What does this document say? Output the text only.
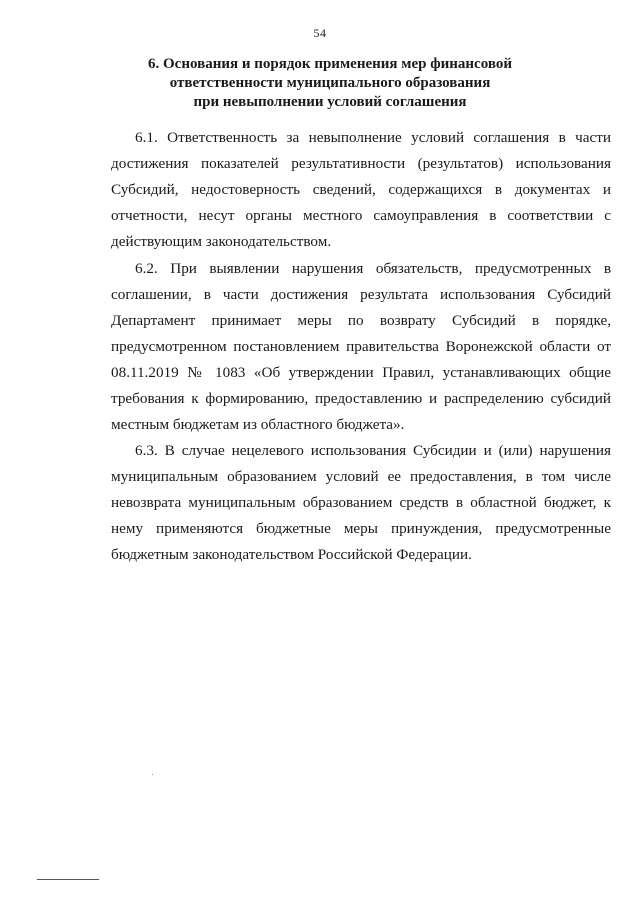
54
6. Основания и порядок применения мер финансовой
ответственности муниципального образования
при невыполнении условий соглашения
6.1. Ответственность за невыполнение условий соглашения в части
достижения показателей результативности (результатов) использования
Субсидий, недостоверность сведений, содержащихся в документах и
отчетности, несут органы местного самоуправления в соответствии с
действующим законодательством.
6.2. При выявлении нарушения обязательств, предусмотренных в
соглашении, в части достижения результата использования Субсидий
Департамент принимает меры по возврату Субсидий в порядке,
предусмотренном постановлением правительства Воронежской области от
08.11.2019 № 1083 «Об утверждении Правил, устанавливающих общие
требования к формированию, предоставлению и распределению субсидий
местным бюджетам из областного бюджета».
6.3. В случае нецелевого использования Субсидии и (или) нарушения
муниципальным образованием условий ее предоставления, в том числе
невозврата муниципальным образованием средств в областной бюджет, к
нему применяются бюджетные меры принуждения, предусмотренные
бюджетным законодательством Российской Федерации.
